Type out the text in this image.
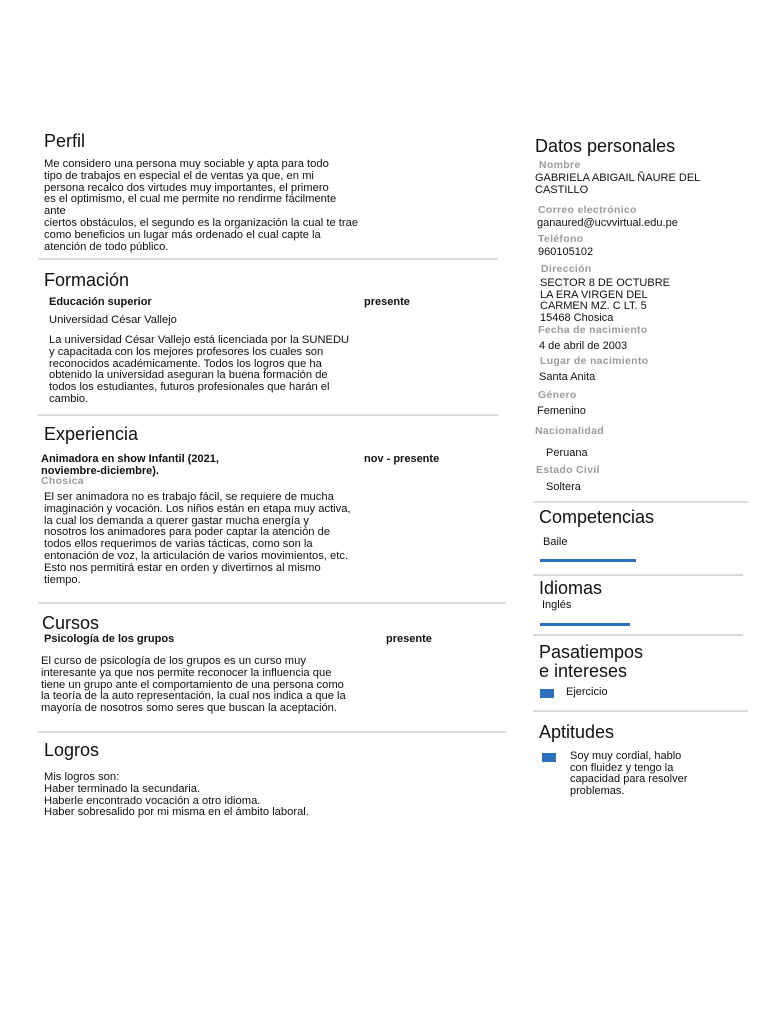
Perfil
Me considero una persona muy sociable y apta para todo
tipo de trabajos en especial el de ventas ya que, en mi
persona recalco dos virtudes muy importantes, el primero
es el optimismo, el cual me permite no rendirme fácilmente
ante
ciertos obstáculos, el segundo es la organización la cual te trae
como beneficios un lugar más ordenado el cual capte la
atención de todo público.
Formación
Educación superior	presente
Universidad César Vallejo
La universidad César Vallejo está licenciada por la SUNEDU
y capacitada con los mejores profesores los cuales son
reconocidos académicamente. Todos los logros que ha
obtenido la universidad aseguran la buena formación de
todos los estudiantes, futuros profesionales que harán el
cambio.
Experiencia
Animadora en show Infantil (2021,
noviembre-diciembre).
nov - presente
Chosica
El ser animadora no es trabajo fácil, se requiere de mucha
imaginación y vocación. Los niños están en etapa muy activa,
la cual los demanda a querer gastar mucha energía y
nosotros los animadores para poder captar la atención de
todos ellos requerimos de varias tácticas, como son la
entonación de voz, la articulación de varios movimientos, etc.
Esto nos permitirá estar en orden y divertirnos al mismo
tiempo.
Cursos
Psicología de los grupos	presente
El curso de psicología de los grupos es un curso muy
interesante ya que nos permite reconocer la influencia que
tiene un grupo ante el comportamiento de una persona como
la teoría de la auto representación, la cual nos indica a que la
mayoría de nosotros somo seres que buscan la aceptación.
Logros
Mis logros son:
Haber terminado la secundaria.
Haberle encontrado vocación a otro idioma.
Haber sobresalido por mi misma en el ámbito laboral.
Datos personales
Nombre
GABRIELA ABIGAIL ÑAURE DEL
CASTILLO
Correo electrónico
ganaured@ucvvirtual.edu.pe
Teléfono
960105102
Dirección
SECTOR 8 DE OCTUBRE
LA ERA VIRGEN DEL
CARMEN MZ. C LT. 5
15468 Chosica
Fecha de nacimiento
4 de abril de 2003
Lugar de nacimiento
Santa Anita
Género
Femenino
Nacionalidad
Peruana
Estado Civil
Soltera
Competencias
Baile
Idiomas
Inglés
Pasatiempos
e intereses
Ejercicio
Aptitudes
Soy muy cordial, hablo
con fluidez y tengo la
capacidad para resolver
problemas.
